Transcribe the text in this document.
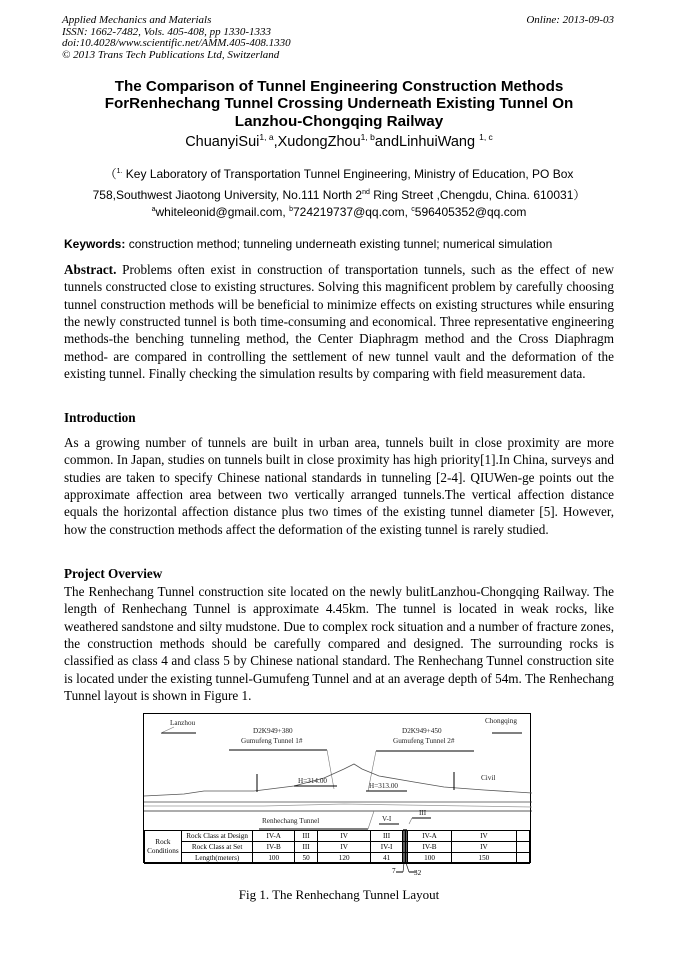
Applied Mechanics and Materials
ISSN: 1662-7482, Vols. 405-408, pp 1330-1333
doi:10.4028/www.scientific.net/AMM.405-408.1330
© 2013 Trans Tech Publications Ltd, Switzerland
Online: 2013-09-03
The Comparison of Tunnel Engineering Construction Methods
ForRenhechang Tunnel Crossing Underneath Existing Tunnel On
Lanzhou-Chongqing Railway
ChuanyiSui$^{1, a}$,XudongZhou$^{1, b}$andLinhuiWang $^{1, c}$
（$^{1.}$ Key Laboratory of Transportation Tunnel Engineering, Ministry of Education, PO Box
758,Southwest Jiaotong University, No.111 North 2nd Ring Street ,Chengdu, China. 610031）
$^a$whiteleonid@gmail.com, $^b$724219737@qq.com, $^c$596405352@qq.com
Keywords: construction method; tunneling underneath existing tunnel; numerical simulation
Abstract. Problems often exist in construction of transportation tunnels, such as the effect of new tunnels constructed close to existing structures. Solving this magnificent problem by carefully choosing tunnel construction methods will be beneficial to minimize effects on existing structures while ensuring the newly constructed tunnel is both time-consuming and economical. Three representative engineering methods-the benching tunneling method, the Center Diaphragm method and the Cross Diaphragm method- are compared in controlling the settlement of new tunnel vault and the deformation of the existing tunnel. Finally checking the simulation results by comparing with field measurement data.
Introduction
As a growing number of tunnels are built in urban area, tunnels built in close proximity are more common. In Japan, studies on tunnels built in close proximity has high priority[1].In China, surveys and studies are taken to specify Chinese national standards in tunneling [2-4]. QIUWen-ge points out the approximate affection area between two vertically arranged tunnels.The vertical affection distance equals the horizontal affection distance plus two times of the existing tunnel diameter [5]. However, how the construction methods affect the deformation of the existing tunnel is rarely studied.
Project Overview
The Renhechang Tunnel construction site located on the newly bulitLanzhou-Chongqing Railway. The length of Renhechang Tunnel is approximate 4.45km. The tunnel is located in weak rocks, like weathered sandstone and silty mudstone. Due to complex rock situation and a number of fracture zones, the construction methods should be carefully compared and designed. The surrounding rocks is classified as class 4 and class 5 by Chinese national standard. The Renhechang Tunnel construction site is located under the existing tunnel-Gumufeng Tunnel and at an average depth of 54m. The Renhechang Tunnel layout is shown in Figure 1.
Lanzhou	Chongqing
D2K949+380
Gumufeng Tunnel 1#
D2K949+450
Gumufeng Tunnel 2#
H=314.00
H=313.00
Civil
Renhechang Tunnel	V-I
III
Rock Conditions	Rock Class at Design	IV-A	III	IV	III			IV-A	IV	
	Rock Class at Set	IV-B	III	IV	IV-I			IV-B	IV	
	Length(meters)	100	50	120	41			100	150	
7	32
Fig 1. The Renhechang Tunnel Layout
